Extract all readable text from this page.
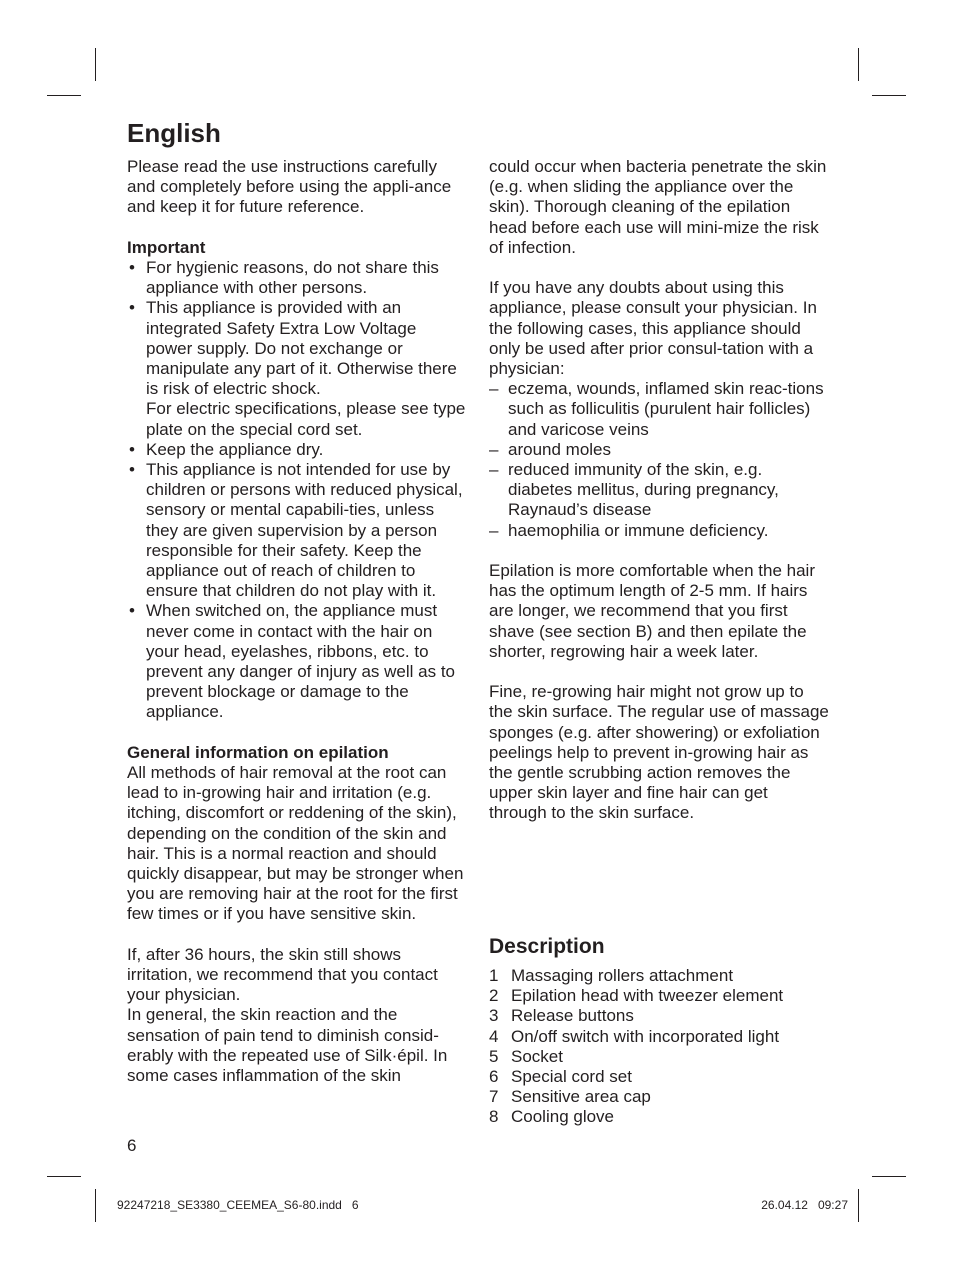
English

Please read the use instructions carefully and completely before using the appli-ance and keep it for future reference.

Important

• For hygienic reasons, do not share this appliance with other persons.
• This appliance is provided with an integrated Safety Extra Low Voltage power supply. Do not exchange or manipulate any part of it. Otherwise there is risk of electric shock.
For electric specifications, please see type plate on the special cord set.
• Keep the appliance dry.
• This appliance is not intended for use by children or persons with reduced physical, sensory or mental capabili-ties, unless they are given supervision by a person responsible for their safety. Keep the appliance out of reach of children to ensure that children do not play with it.
• When switched on, the appliance must never come in contact with the hair on your head, eyelashes, ribbons, etc. to prevent any danger of injury as well as to prevent blockage or damage to the appliance.

General information on epilation

All methods of hair removal at the root can lead to in-growing hair and irritation (e.g. itching, discomfort or reddening of the skin), depending on the condition of the skin and hair. This is a normal reaction and should quickly disappear, but may be stronger when you are removing hair at the root for the first few times or if you have sensitive skin.

If, after 36 hours, the skin still shows irritation, we recommend that you contact your physician.

In general, the skin reaction and the sensation of pain tend to diminish consid-erably with the repeated use of Silk·épil. In some cases inflammation of the skin

could occur when bacteria penetrate the skin (e.g. when sliding the appliance over the skin). Thorough cleaning of the epilation head before each use will mini-mize the risk of infection.

If you have any doubts about using this appliance, please consult your physician. In the following cases, this appliance should only be used after prior consul-tation with a physician:

– eczema, wounds, inflamed skin reac-tions such as folliculitis (purulent hair follicles) and varicose veins
– around moles
– reduced immunity of the skin, e.g. diabetes mellitus, during pregnancy, Raynaud’s disease
– haemophilia or immune deficiency.

Epilation is more comfortable when the hair has the optimum length of 2-5 mm. If hairs are longer, we recommend that you first shave (see section B) and then epilate the shorter, regrowing hair a week later.

Fine, re-growing hair might not grow up to the skin surface. The regular use of massage sponges (e.g. after showering) or exfoliation peelings help to prevent in-growing hair as the gentle scrubbing action removes the upper skin layer and fine hair can get through to the skin surface.

Description
1 Massaging rollers attachment
2 Epilation head with tweezer element
3 Release buttons
4 On/off switch with incorporated light
5 Socket
6 Special cord set
7 Sensitive area cap
8 Cooling glove

6

92247218_SE3380_CEEMEA_S6-80.indd   6	26.04.12   09:27
